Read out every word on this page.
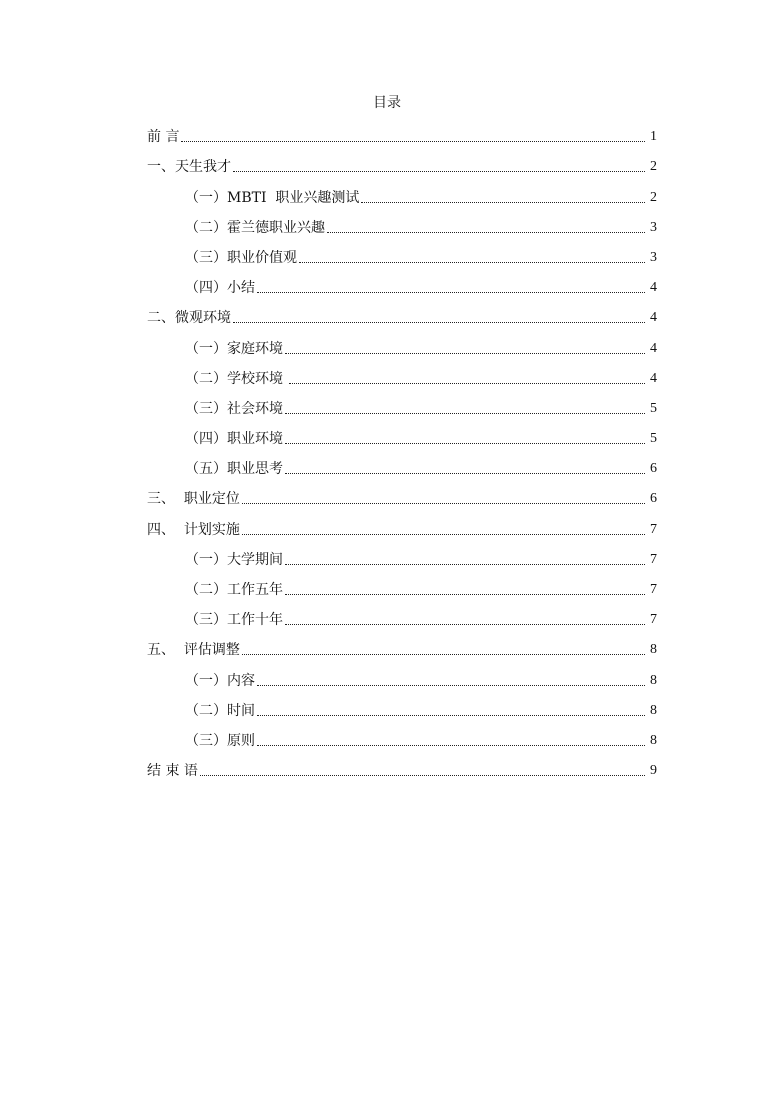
目录
前 言	1
一、天生我才	2
（一）MBTI  职业兴趣测试	2
（二）霍兰德职业兴趣	3
（三）职业价值观	3
（四）小结	4
二、微观环境	4
（一）家庭环境	4
（二）学校环境	4
（三）社会环境	5
（四）职业环境	5
（五）职业思考	6
三、  职业定位	6
四、  计划实施	7
（一）大学期间	7
（二）工作五年	7
（三）工作十年	7
五、  评估调整	8
（一）内容	8
（二）时间	8
（三）原则	8
结 束 语	9
